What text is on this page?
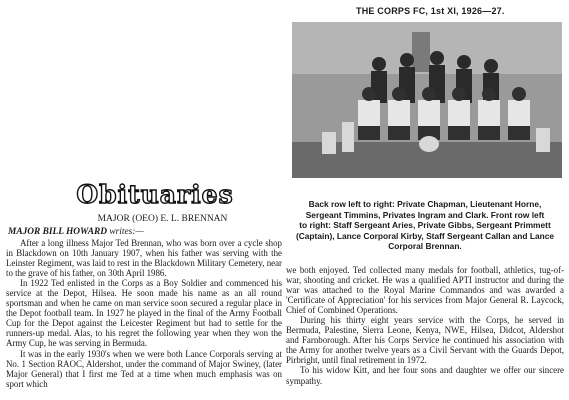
THE CORPS FC, 1st XI, 1926—27.
Back row left to right: Private Chapman, Lieutenant Horne,
Sergeant Timmins, Privates Ingram and Clark. Front row left
to right: Staff Sergeant Aries, Private Gibbs, Sergeant Primmett
(Captain), Lance Corporal Kirby, Staff Sergeant Callan and Lance
Corporal Brennan.
Obituaries
MAJOR (OEO) E. L. BRENNAN
MAJOR BILL HOWARD writes:—

After a long illness Major Ted Brennan, who was born over a cycle shop in Blackdown on 10th January 1907, when his father was serving with the Leinster Regiment, was laid to rest in the Blackdown Military Cemetery, near to the grave of his father, on 30th April 1986.

In 1922 Ted enlisted in the Corps as a Boy Soldier and commenced his service at the Depot, Hilsea. He soon made his name as an all round sportsman and when he came on man service soon secured a regular place in the Depot football team. In 1927 he played in the final of the Army Football Cup for the Depot against the Leicester Regiment but had to settle for the runners-up medal. Alas, to his regret the following year when they won the Army Cup, he was serving in Bermuda.

It was in the early 1930's when we were both Lance Corporals serving at No. 1 Section RAOC, Aldershot, under the command of Major Swiney, (later Major General) that I first me Ted at a time when much emphasis was on sport which

we both enjoyed. Ted collected many medals for football, athletics, tug-of-war, shooting and cricket. He was a qualified APTI instructor and during the war was attached to the Royal Marine Commandos and was awarded a 'Certificate of Appreciation' for his services from Major General R. Laycock, Chief of Combined Operations.

During his thirty eight years service with the Corps, he served in Bermuda, Palestine, Sierra Leone, Kenya, NWE, Hilsea, Didcot, Aldershot and Farnborough. After his Corps Service he continued his association with the Army for another twelve years as a Civil Servant with the Guards Depot, Pirbright, until final retirement in 1972.

To his widow Kitt, and her four sons and daughter we offer our sincere sympathy.
